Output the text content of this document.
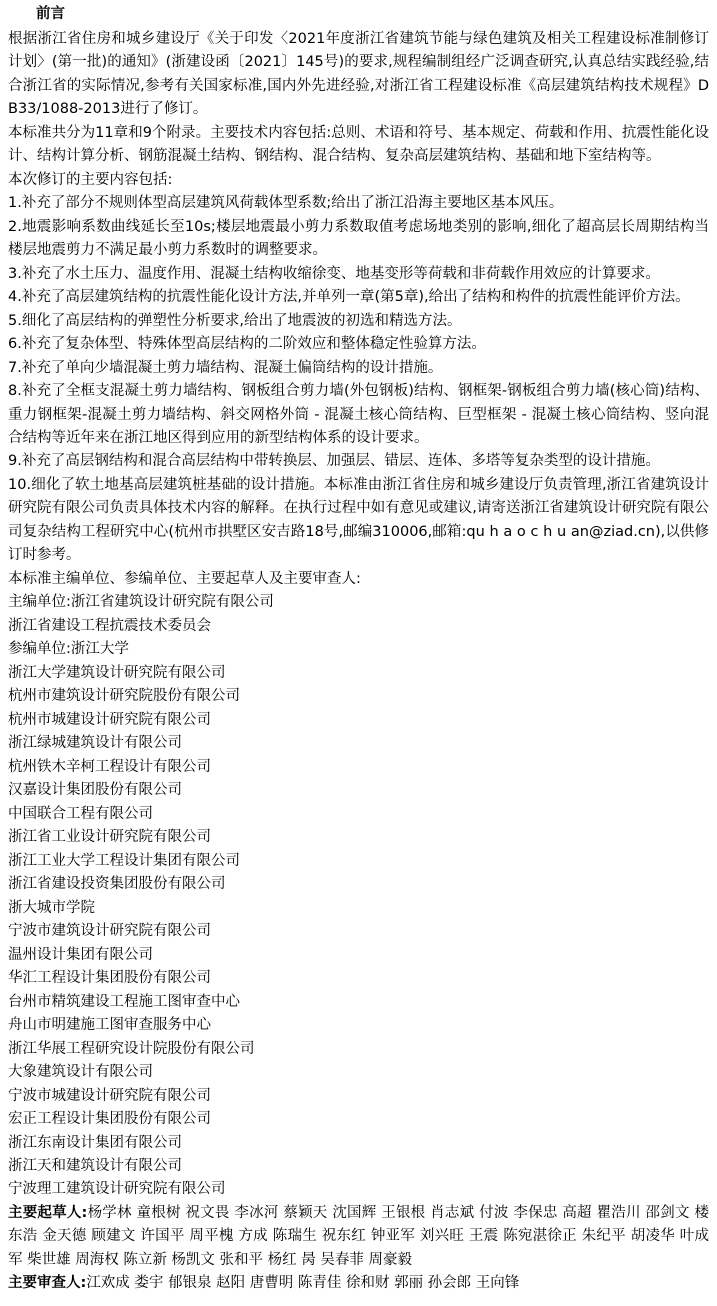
前言

根据浙江省住房和城乡建设厅《关于印发〈2021年度浙江省建筑节能与绿色建筑及相关工程建设标准制修订计划〉(第一批)的通知》(浙建设函〔2021〕145号)的要求,规程编制组经广泛调查研究,认真总结实践经验,结合浙江省的实际情况,参考有关国家标准,国内外先进经验,对浙江省工程建设标准《高层建筑结构技术规程》DB33/1088-2013进行了修订。

本标准共分为11章和9个附录。主要技术内容包括:总则、术语和符号、基本规定、荷载和作用、抗震性能化设计、结构计算分析、钢筋混凝土结构、钢结构、混合结构、复杂高层建筑结构、基础和地下室结构等。

本次修订的主要内容包括:

1.补充了部分不规则体型高层建筑风荷载体型系数;给出了浙江沿海主要地区基本风压。

2.地震影响系数曲线延长至10s;楼层地震最小剪力系数取值考虑场地类别的影响,细化了超高层长周期结构当楼层地震剪力不满足最小剪力系数时的调整要求。

3.补充了水土压力、温度作用、混凝土结构收缩徐变、地基变形等荷载和非荷载作用效应的计算要求。

4.补充了高层建筑结构的抗震性能化设计方法,并单列一章(第5章),给出了结构和构件的抗震性能评价方法。

5.细化了高层结构的弹塑性分析要求,给出了地震波的初选和精选方法。

6.补充了复杂体型、特殊体型高层结构的二阶效应和整体稳定性验算方法。

7.补充了单向少墙混凝土剪力墙结构、混凝土偏筒结构的设计措施。

8.补充了全框支混凝土剪力墙结构、钢板组合剪力墙(外包钢板)结构、钢框架-钢板组合剪力墙(核心筒)结构、重力钢框架-混凝土剪力墙结构、斜交网格外筒 - 混凝土核心筒结构、巨型框架 - 混凝土核心筒结构、竖向混合结构等近年来在浙江地区得到应用的新型结构体系的设计要求。

9.补充了高层钢结构和混合高层结构中带转换层、加强层、错层、连体、多塔等复杂类型的设计措施。

10.细化了软土地基高层建筑桩基础的设计措施。本标准由浙江省住房和城乡建设厅负责管理,浙江省建筑设计研究院有限公司负责具体技术内容的解释。在执行过程中如有意见或建议,请寄送浙江省建筑设计研究院有限公司复杂结构工程研究中心(杭州市拱墅区安吉路18号,邮编310006,邮箱:qu h a o c h u an@ziad.cn),以供修订时参考。

本标准主编单位、参编单位、主要起草人及主要审查人:

主编单位:浙江省建筑设计研究院有限公司

浙江省建设工程抗震技术委员会

参编单位:浙江大学

浙江大学建筑设计研究院有限公司

杭州市建筑设计研究院股份有限公司

杭州市城建设计研究院有限公司

浙江绿城建筑设计有限公司

杭州铁木辛柯工程设计有限公司

汉嘉设计集团股份有限公司

中国联合工程有限公司

浙江省工业设计研究院有限公司

浙江工业大学工程设计集团有限公司

浙江省建设投资集团股份有限公司

浙大城市学院

宁波市建筑设计研究院有限公司

温州设计集团有限公司

华汇工程设计集团股份有限公司

台州市精筑建设工程施工图审查中心

舟山市明建施工图审查服务中心

浙江华展工程研究设计院股份有限公司

大象建筑设计有限公司

宁波市城建设计研究院有限公司

宏正工程设计集团股份有限公司

浙江东南设计集团有限公司

浙江天和建筑设计有限公司

宁波理工建筑设计研究院有限公司

主要起草人:杨学林 童根树 祝文畏 李冰河 蔡颖天 沈国辉 王银根 肖志斌 付波 李保忠 高超 瞿浩川 邵剑文 楼东浩 金天德 顾建文 许国平 周平槐 方成 陈瑞生 祝东红 钟亚军 刘兴旺 王震 陈宛湛徐正 朱纪平 胡凌华 叶成军 柴世雄 周海权 陈立新 杨凯文 张和平 杨红 昺 吴春菲 周豪毅

主要审查人:江欢成 娄宇 郁银泉 赵阳 唐曹明 陈青佳 徐和财 郭丽 孙会郎 王向锋
